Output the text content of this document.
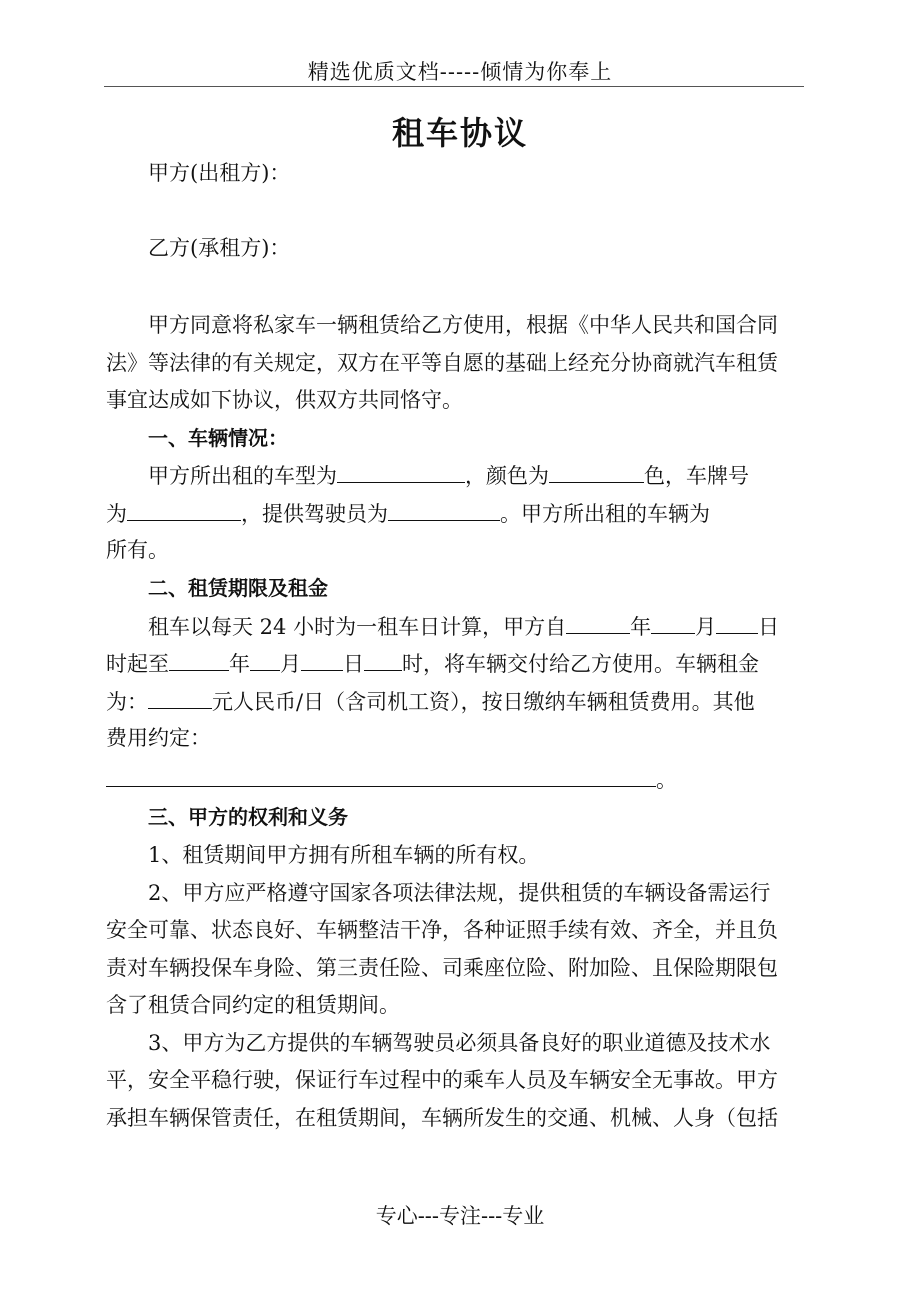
精选优质文档-----倾情为你奉上
租车协议
甲方(出租方)：
乙方(承租方)：
甲方同意将私家车一辆租赁给乙方使用，根据《中华人民共和国合同
法》等法律的有关规定，双方在平等自愿的基础上经充分协商就汽车租赁
事宜达成如下协议，供双方共同恪守。
一、车辆情况：
甲方所出租的车型为	，颜色为	色，车牌号
为	，提供驾驶员为	。甲方所出租的车辆为
所有。
二、租赁期限及租金
租车以每天 24 小时为一租车日计算，甲方自	年 月 日
时起至	年 月 日 时，将车辆交付给乙方使用。车辆租金
为：	元人民币/日（含司机工资），按日缴纳车辆租赁费用。其他
费用约定：
。
三、甲方的权利和义务
1、租赁期间甲方拥有所租车辆的所有权。
2、甲方应严格遵守国家各项法律法规，提供租赁的车辆设备需运行
安全可靠、状态良好、车辆整洁干净，各种证照手续有效、齐全，并且负
责对车辆投保车身险、第三责任险、司乘座位险、附加险、且保险期限包
含了租赁合同约定的租赁期间。
3、甲方为乙方提供的车辆驾驶员必须具备良好的职业道德及技术水
平，安全平稳行驶，保证行车过程中的乘车人员及车辆安全无事故。甲方
承担车辆保管责任，在租赁期间，车辆所发生的交通、机械、人身（包括
专心---专注---专业
